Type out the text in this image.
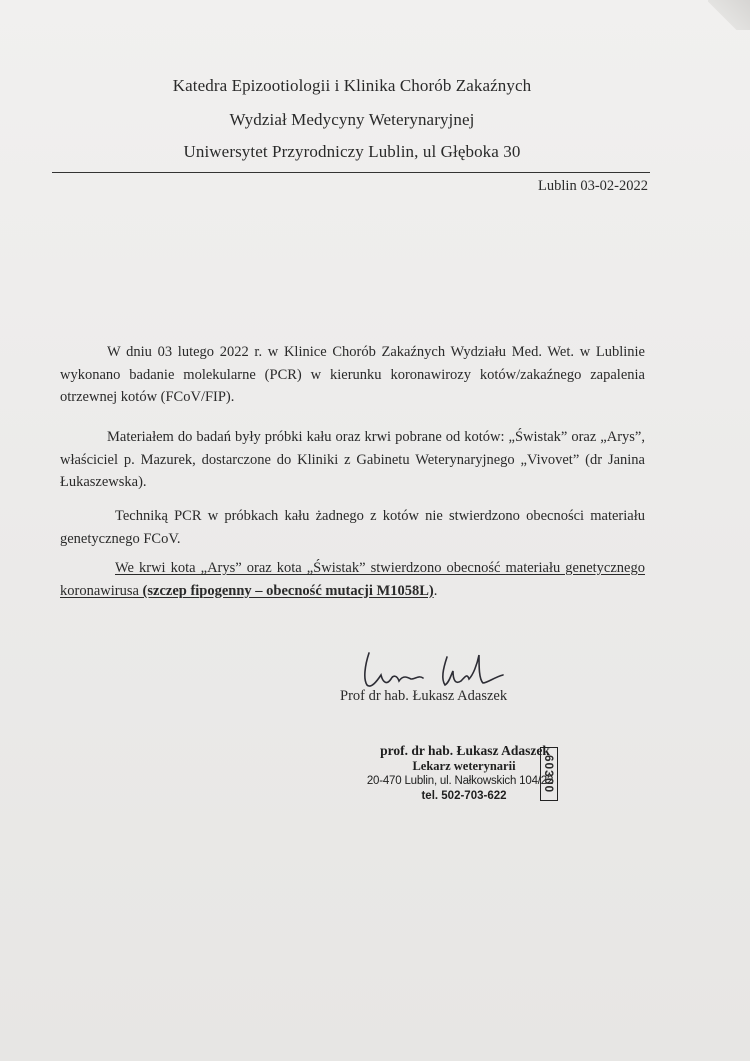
Katedra Epizootiologii i Klinika Chorób Zakaźnych
Wydział Medycyny Weterynaryjnej
Uniwersytet Przyrodniczy Lublin, ul Głęboka 30
Lublin 03-02-2022
W dniu 03 lutego 2022 r. w Klinice Chorób Zakaźnych Wydziału Med. Wet. w Lublinie wykonano badanie molekularne (PCR) w kierunku koronawirozy kotów/zakaźnego zapalenia otrzewnej kotów (FCoV/FIP).
Materiałem do badań były próbki kału oraz krwi pobrane od kotów: „Świstak” oraz „Arys”, właściciel p. Mazurek, dostarczone do Kliniki z Gabinetu Weterynaryjnego „Vivovet” (dr Janina Łukaszewska).
Techniką PCR w próbkach kału żadnego z kotów nie stwierdzono obecności materiału genetycznego FCoV.
We krwi kota „Arys” oraz kota „Świstak” stwierdzono obecność materiału genetycznego koronawirusa (szczep fipogenny – obecność mutacji M1058L).
Prof dr hab. Łukasz Adaszek
prof. dr hab. Łukasz Adaszek
Lekarz weterynarii
20-470 Lublin, ul. Nałkowskich 104/22
tel. 502-703-622
60300
